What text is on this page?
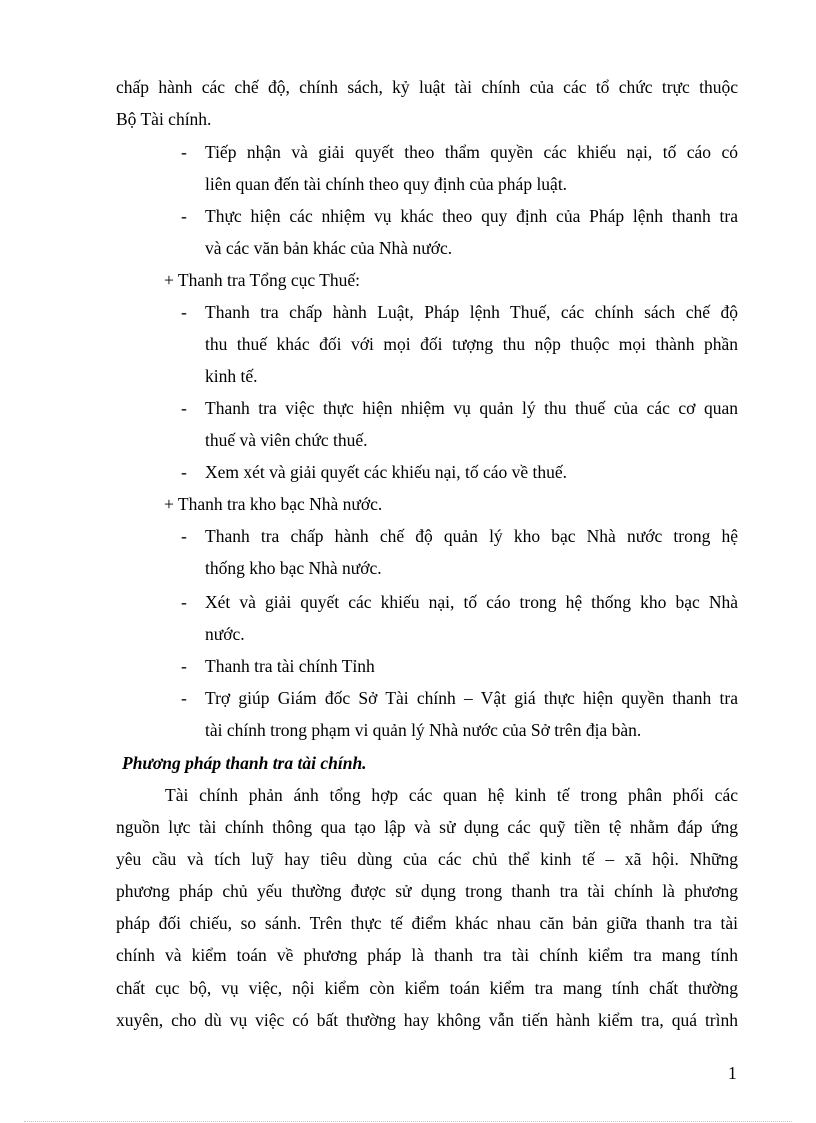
chấp hành các chế độ, chính sách, kỷ luật tài chính của các tổ chức trực thuộc
Bộ Tài chính.
- Tiếp nhận và giải quyết theo thẩm quyền các khiếu nại, tố cáo có
liên quan đến tài chính theo quy định của pháp luật.
- Thực hiện các nhiệm vụ khác theo quy định của Pháp lệnh thanh tra
và các văn bản khác của Nhà nước.
+ Thanh tra Tổng cục Thuế:
- Thanh tra chấp hành Luật, Pháp lệnh Thuế, các chính sách chế độ
thu thuế khác đối với mọi đối tượng thu nộp thuộc mọi thành phần
kinh tế.
- Thanh tra việc thực hiện nhiệm vụ quản lý thu thuế của các cơ quan
thuế và viên chức thuế.
- Xem xét và giải quyết các khiếu nại, tố cáo về thuế.
+ Thanh tra kho bạc Nhà nước.
- Thanh tra chấp hành chế độ quản lý kho bạc Nhà nước trong hệ
thống kho bạc Nhà nước.
- Xét và giải quyết các khiếu nại, tố cáo trong hệ thống kho bạc Nhà
nước.
- Thanh tra tài chính Tỉnh
- Trợ giúp Giám đốc Sở Tài chính – Vật giá thực hiện quyền thanh tra
tài chính trong phạm vi quản lý Nhà nước của Sở trên địa bàn.
Phương pháp thanh tra tài chính.
Tài chính phản ánh tổng hợp các quan hệ kinh tế trong phân phối các
nguồn lực tài chính thông qua tạo lập và sử dụng các quỹ tiền tệ nhằm đáp ứng
yêu cầu và tích luỹ hay tiêu dùng của các chủ thể kinh tế – xã hội. Những
phương pháp chủ yếu thường được sử dụng trong thanh tra tài chính là phương
pháp đối chiếu, so sánh. Trên thực tế điểm khác nhau căn bản giữa thanh tra tài
chính và kiểm toán về phương pháp là thanh tra tài chính kiểm tra mang tính
chất cục bộ, vụ việc, nội kiểm còn kiểm toán kiểm tra mang tính chất thường
xuyên, cho dù vụ việc có bất thường hay không vẫn tiến hành kiểm tra, quá trình
1
